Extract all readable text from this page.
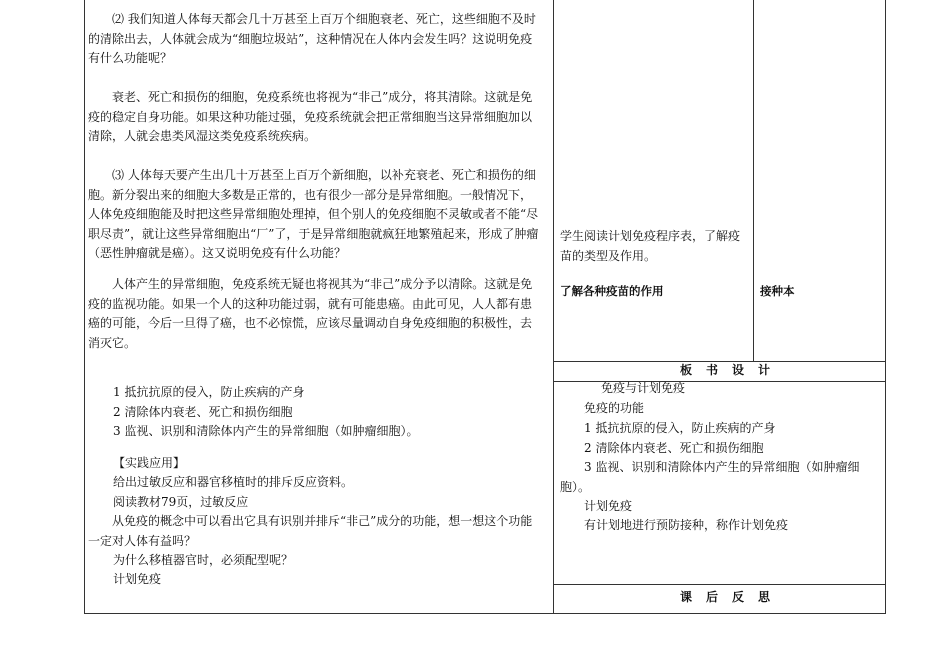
⑵ 我们知道人体每天都会几十万甚至上百万个细胞衰老、死亡，这些细胞不及时的清除出去，人体就会成为“细胞垃圾站”，这种情况在人体内会发生吗？这说明免疫有什么功能呢？

衰老、死亡和损伤的细胞，免疫系统也将视为“非己”成分，将其清除。这就是免疫的稳定自身功能。如果这种功能过强，免疫系统就会把正常细胞当这异常细胞加以清除，人就会患类风湿这类免疫系统疾病。

⑶ 人体每天要产生出几十万甚至上百万个新细胞，以补充衰老、死亡和损伤的细胞。新分裂出来的细胞大多数是正常的，也有很少一部分是异常细胞。一般情况下，人体免疫细胞能及时把这些异常细胞处理掉，但个别人的免疫细胞不灵敏或者不能“尽职尽责”，就让这些异常细胞出“厂”了，于是异常细胞就疯狂地繁殖起来，形成了肿瘤（恶性肿瘤就是癌）。这又说明免疫有什么功能？

人体产生的异常细胞，免疫系统无疑也将视其为“非己”成分予以清除。这就是免疫的监视功能。如果一个人的这种功能过弱，就有可能患癌。由此可见，人人都有患癌的可能，今后一旦得了癌，也不必惊慌，应该尽量调动自身免疫细胞的积极性，去消灭它。

1 抵抗抗原的侵入，防止疾病的产身

2 清除体内衰老、死亡和损伤细胞

3 监视、识别和清除体内产生的异常细胞（如肿瘤细胞）。

【实践应用】

给出过敏反应和器官移植时的排斥反应资料。

阅读教材79页，过敏反应

从免疫的概念中可以看出它具有识别并排斥“非己”成分的功能，想一想这个功能一定对人体有益吗？

为什么移植器官时，必须配型呢？

计划免疫

学生阅读计划免疫程序表，了解疫苗的类型及作用。

了解各种疫苗的作用	接种本

板书设计

免疫与计划免疫

免疫的功能

1 抵抗抗原的侵入，防止疾病的产身

2 清除体内衰老、死亡和损伤细胞

3 监视、识别和清除体内产生的异常细胞（如肿瘤细胞）。

计划免疫

有计划地进行预防接种，称作计划免疫

课后反思
